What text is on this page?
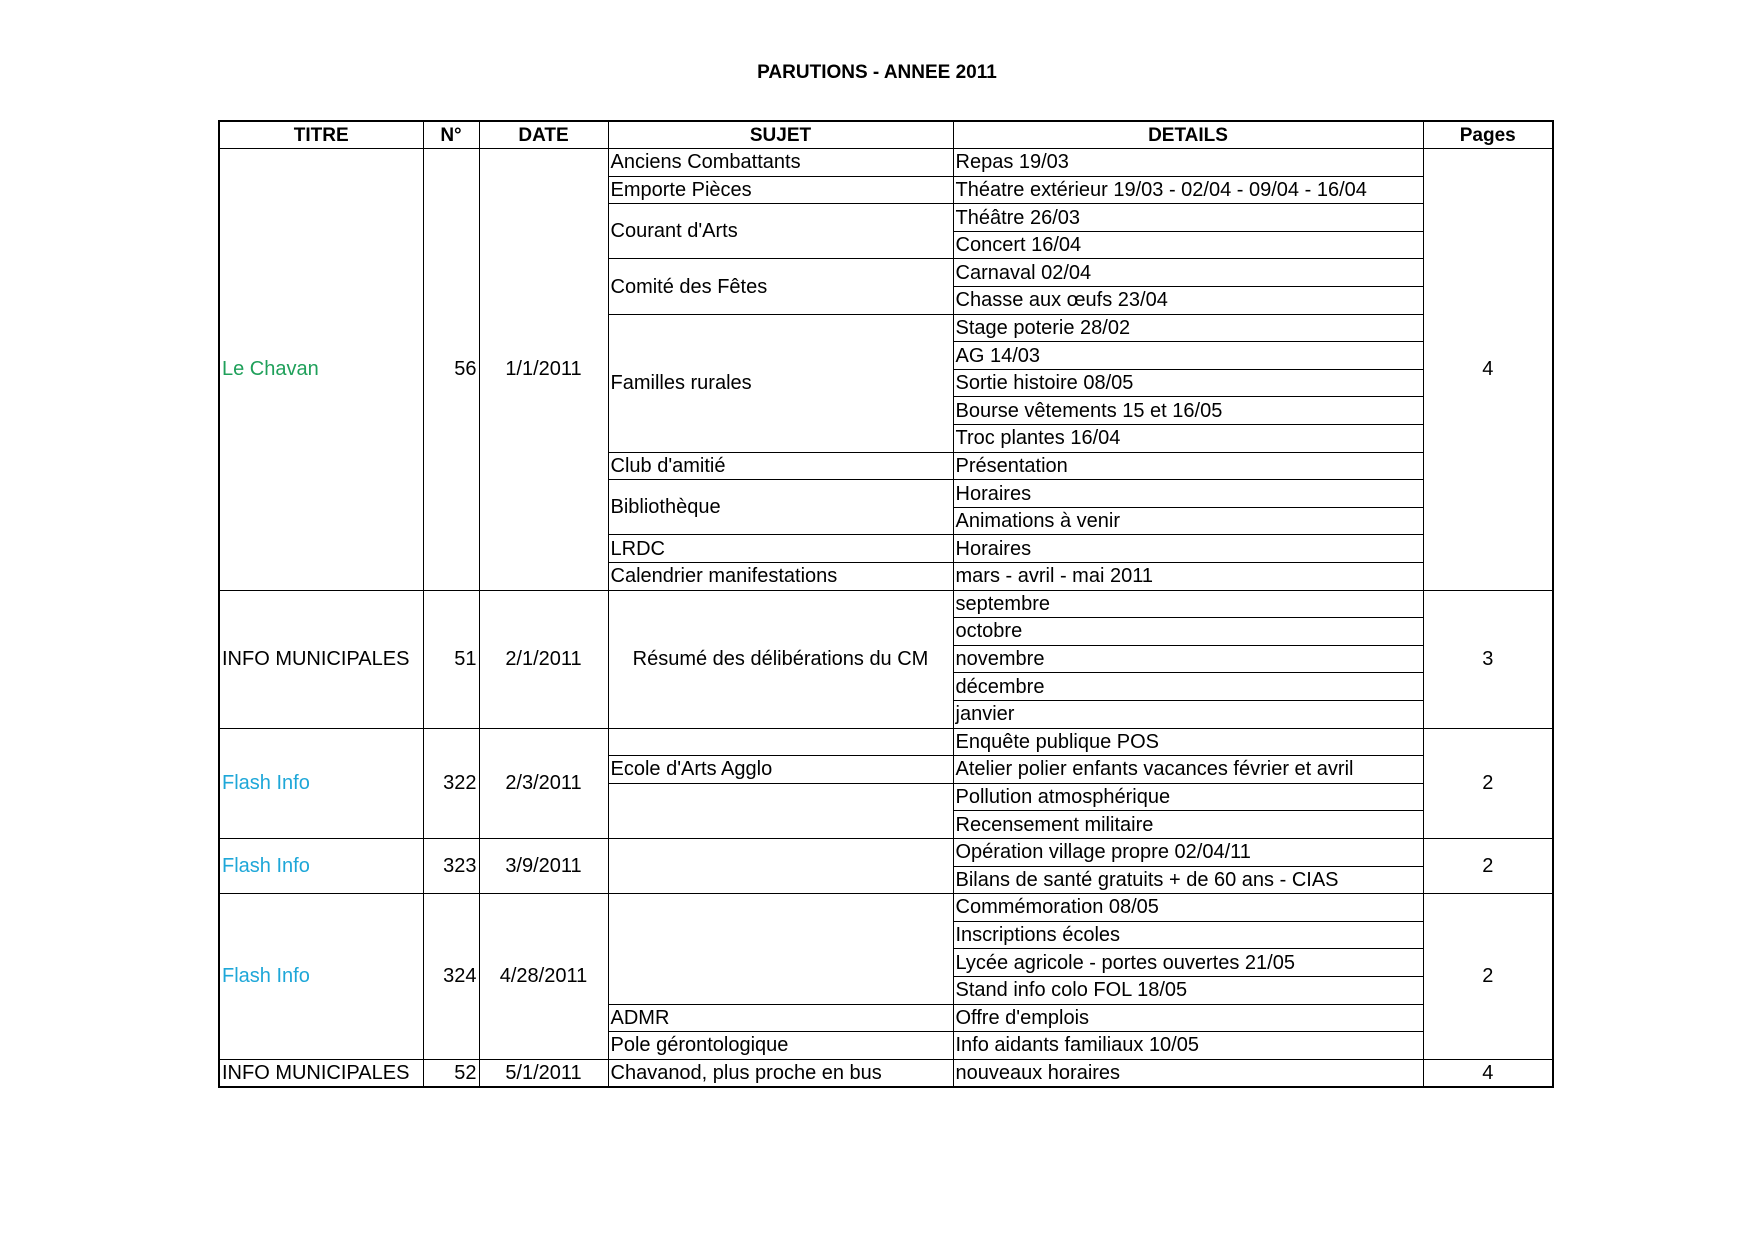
PARUTIONS - ANNEE 2011
TITRE	N°	DATE	SUJET	DETAILS	Pages
Le Chavan	56	1/1/2011	Anciens Combattants	Repas 19/03	4
			Emporte Pièces	Théatre extérieur 19/03 - 02/04 - 09/04 - 16/04	
			Courant d'Arts	Théâtre 26/03	
				Concert 16/04	
			Comité des Fêtes	Carnaval 02/04	
				Chasse aux œufs 23/04	
			Familles rurales	Stage poterie 28/02	
				AG 14/03	
				Sortie histoire 08/05	
				Bourse vêtements 15 et 16/05	
				Troc plantes 16/04	
			Club d'amitié	Présentation	
			Bibliothèque	Horaires	
				Animations à venir	
			LRDC	Horaires	
			Calendrier manifestations	mars - avril - mai 2011	
INFO MUNICIPALES	51	2/1/2011	Résumé des délibérations du CM	septembre	3
				octobre	
				novembre	
				décembre	
				janvier	
Flash Info	322	2/3/2011		Enquête publique POS	2
			Ecole d'Arts Agglo	Atelier polier enfants vacances février et avril	
				Pollution atmosphérique	
				Recensement militaire	
Flash Info	323	3/9/2011		Opération village propre 02/04/11	2
				Bilans de santé gratuits + de 60 ans - CIAS	
Flash Info	324	4/28/2011		Commémoration 08/05	2
				Inscriptions écoles	
				Lycée agricole - portes ouvertes 21/05	
				Stand info colo FOL 18/05	
			ADMR	Offre d'emplois	
			Pole gérontologique	Info aidants familiaux 10/05	
INFO MUNICIPALES	52	5/1/2011	Chavanod, plus proche en bus	nouveaux horaires	4
